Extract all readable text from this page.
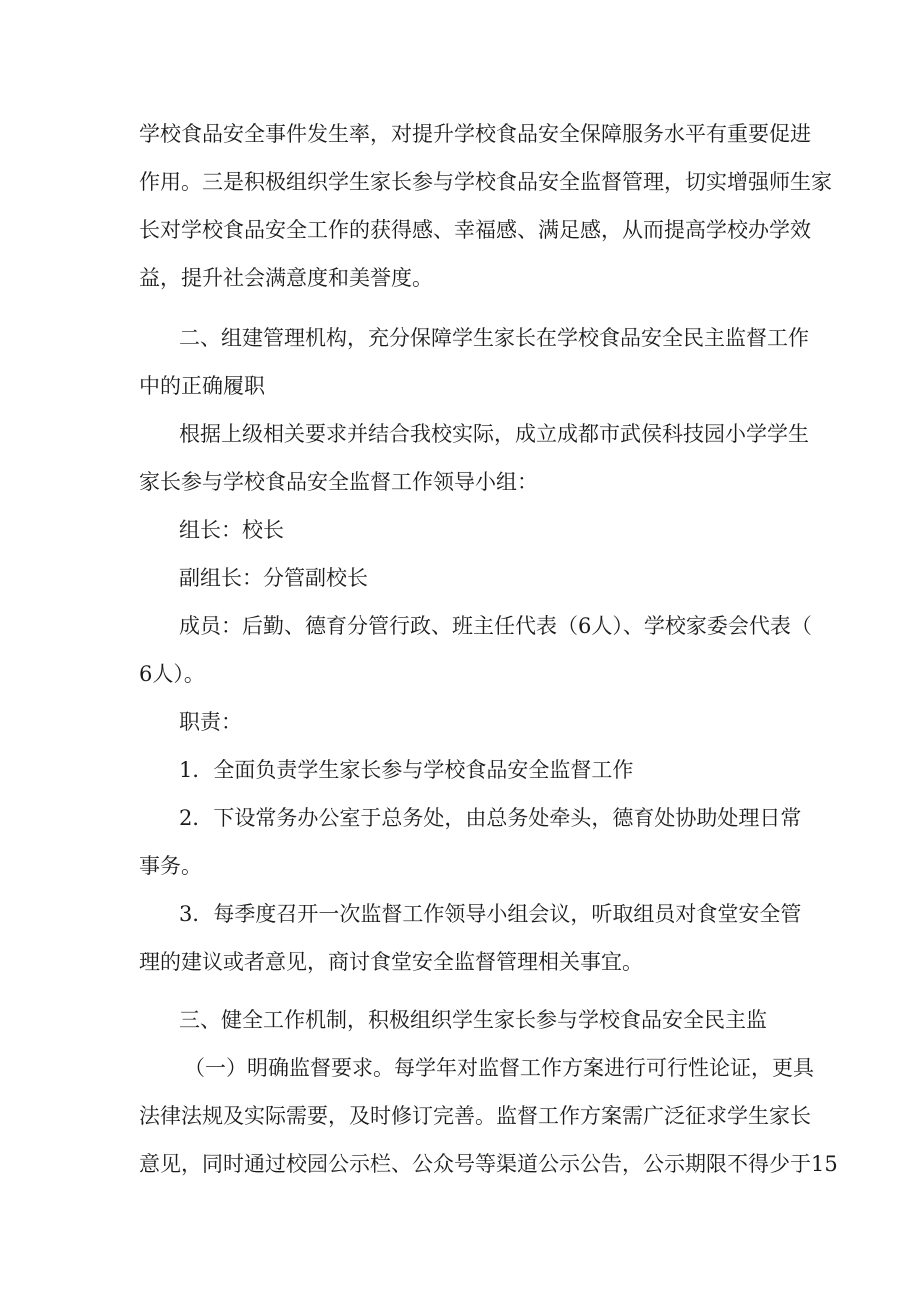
学校食品安全事件发生率，对提升学校食品安全保障服务水平有重要促进

作用。三是积极组织学生家长参与学校食品安全监督管理，切实增强师生家

长对学校食品安全工作的获得感、幸福感、满足感，从而提高学校办学效

益，提升社会满意度和美誉度。

二、组建管理机构，充分保障学生家长在学校食品安全民主监督工作

中的正确履职

根据上级相关要求并结合我校实际，成立成都市武侯科技园小学学生

家长参与学校食品安全监督工作领导小组：

组长：校长

副组长：分管副校长

成员：后勤、德育分管行政、班主任代表（6人）、学校家委会代表（

6人）。

职责：

1．全面负责学生家长参与学校食品安全监督工作

2．下设常务办公室于总务处，由总务处牵头，德育处协助处理日常

事务。

3．每季度召开一次监督工作领导小组会议，听取组员对食堂安全管

理的建议或者意见，商讨食堂安全监督管理相关事宜。

三、健全工作机制，积极组织学生家长参与学校食品安全民主监

（一）明确监督要求。每学年对监督工作方案进行可行性论证，更具

法律法规及实际需要，及时修订完善。监督工作方案需广泛征求学生家长

意见，同时通过校园公示栏、公众号等渠道公示公告，公示期限不得少于15
